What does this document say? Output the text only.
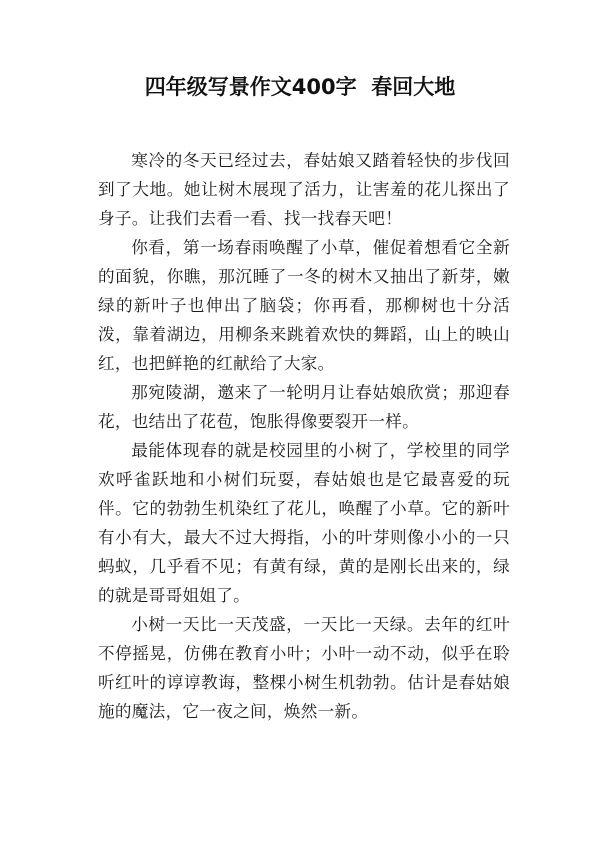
四年级写景作文400字  春回大地

寒冷的冬天已经过去，春姑娘又踏着轻快的步伐回到了大地。她让树木展现了活力，让害羞的花儿探出了身子。让我们去看一看、找一找春天吧！

你看，第一场春雨唤醒了小草，催促着想看它全新的面貌，你瞧，那沉睡了一冬的树木又抽出了新芽，嫩绿的新叶子也伸出了脑袋；你再看，那柳树也十分活泼，靠着湖边，用柳条来跳着欢快的舞蹈，山上的映山红，也把鲜艳的红献给了大家。

那宛陵湖，邀来了一轮明月让春姑娘欣赏；那迎春花，也结出了花苞，饱胀得像要裂开一样。

最能体现春的就是校园里的小树了，学校里的同学欢呼雀跃地和小树们玩耍，春姑娘也是它最喜爱的玩伴。它的勃勃生机染红了花儿，唤醒了小草。它的新叶有小有大，最大不过大拇指，小的叶芽则像小小的一只蚂蚁，几乎看不见；有黄有绿，黄的是刚长出来的，绿的就是哥哥姐姐了。

小树一天比一天茂盛，一天比一天绿。去年的红叶不停摇晃，仿佛在教育小叶；小叶一动不动，似乎在聆听红叶的谆谆教诲，整棵小树生机勃勃。估计是春姑娘施的魔法，它一夜之间，焕然一新。
